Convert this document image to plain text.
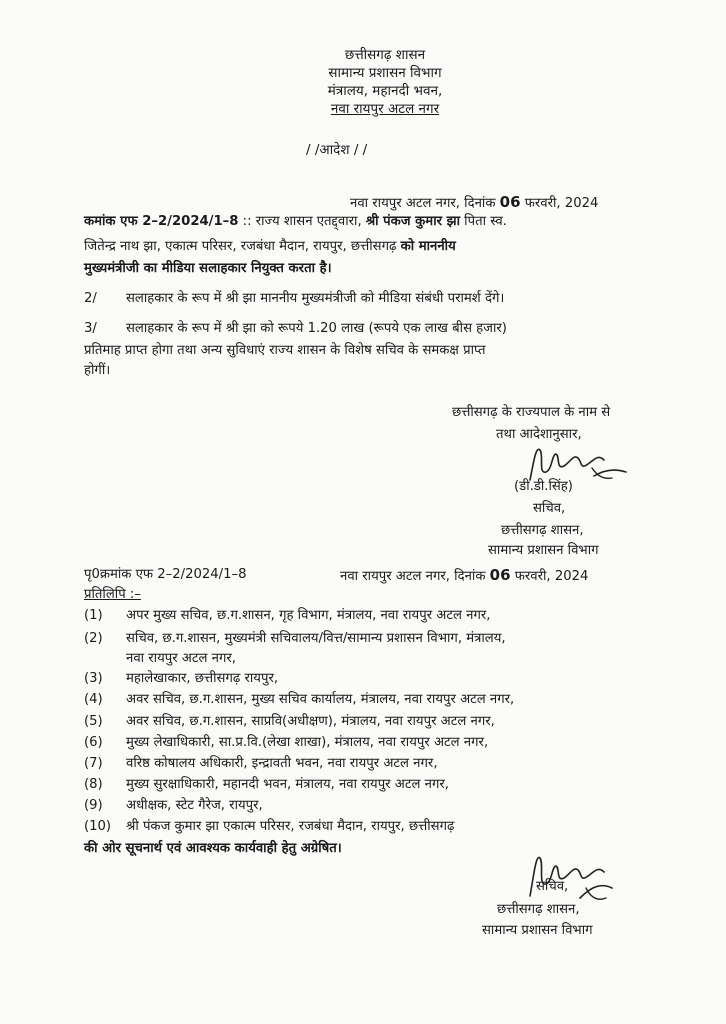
छत्तीसगढ़ शासन
सामान्य प्रशासन विभाग
मंत्रालय, महानदी भवन,
नवा रायपुर अटल नगर
/ /आदेश / /
नवा रायपुर अटल नगर, दिनांक 06 फरवरी, 2024
कमांक एफ 2–2/2024/1–8 :: राज्य शासन एतद्द्वारा, श्री पंकज कुमार झा पिता स्व.
जितेन्द्र नाथ झा, एकात्म परिसर, रजबंधा मैदान, रायपुर, छत्तीसगढ़ को माननीय
मुख्यमंत्रीजी का मीडिया सलाहकार नियुक्त करता है।
2/ सलाहकार के रूप में श्री झा माननीय मुख्यमंत्रीजी को मीडिया संबंधी परामर्श देंगे।
3/ सलाहकार के रूप में श्री झा को रूपये 1.20 लाख (रूपये एक लाख बीस हजार)
प्रतिमाह प्राप्त होगा तथा अन्य सुविधाएं राज्य शासन के विशेष सचिव के समकक्ष प्राप्त
होगीं।
छत्तीसगढ़ के राज्यपाल के नाम से
तथा आदेशानुसार,
(डी.डी.सिंह)
सचिव,
छत्तीसगढ़ शासन,
सामान्य प्रशासन विभाग
पृ0क्रमांक एफ 2–2/2024/1–8	नवा रायपुर अटल नगर, दिनांक 06 फरवरी, 2024
प्रतिलिपि :–
(1) अपर मुख्य सचिव, छ.ग.शासन, गृह विभाग, मंत्रालय, नवा रायपुर अटल नगर,
(2) सचिव, छ.ग.शासन, मुख्यमंत्री सचिवालय/वित्त/सामान्य प्रशासन विभाग, मंत्रालय,
नवा रायपुर अटल नगर,
(3) महालेखाकार, छत्तीसगढ़ रायपुर,
(4) अवर सचिव, छ.ग.शासन, मुख्य सचिव कार्यालय, मंत्रालय, नवा रायपुर अटल नगर,
(5) अवर सचिव, छ.ग.शासन, साप्रवि(अधीक्षण), मंत्रालय, नवा रायपुर अटल नगर,
(6) मुख्य लेखाधिकारी, सा.प्र.वि.(लेखा शाखा), मंत्रालय, नवा रायपुर अटल नगर,
(7) वरिष्ठ कोषालय अधिकारी, इन्द्रावती भवन, नवा रायपुर अटल नगर,
(8) मुख्य सुरक्षाधिकारी, महानदी भवन, मंत्रालय, नवा रायपुर अटल नगर,
(9) अधीक्षक, स्टेट गैरेज, रायपुर,
(10) श्री पंकज कुमार झा एकात्म परिसर, रजबंधा मैदान, रायपुर, छत्तीसगढ़
की ओर सूचनार्थ एवं आवश्यक कार्यवाही हेतु अग्रेषित।
सचिव,
छत्तीसगढ़ शासन,
सामान्य प्रशासन विभाग
